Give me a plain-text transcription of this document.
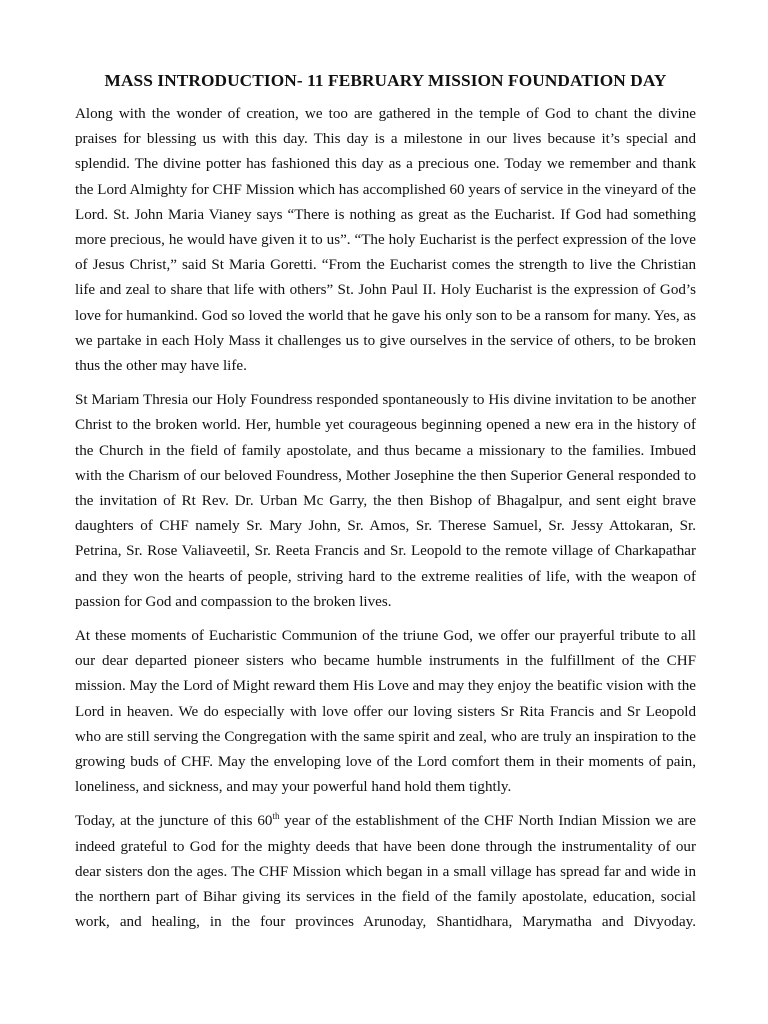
MASS INTRODUCTION- 11 FEBRUARY MISSION FOUNDATION DAY

Along with the wonder of creation, we too are gathered in the temple of God to chant the divine praises for blessing us with this day. This day is a milestone in our lives because it’s special and splendid. The divine potter has fashioned this day as a precious one. Today we remember and thank the Lord Almighty for CHF Mission which has accomplished 60 years of service in the vineyard of the Lord. St. John Maria Vianey says “There is nothing as great as the Eucharist. If God had something more precious, he would have given it to us”. “The holy Eucharist is the perfect expression of the love of Jesus Christ,” said St Maria Goretti. “From the Eucharist comes the strength to live the Christian life and zeal to share that life with others” St. John Paul II. Holy Eucharist is the expression of God’s love for humankind. God so loved the world that he gave his only son to be a ransom for many. Yes, as we partake in each Holy Mass it challenges us to give ourselves in the service of others, to be broken thus the other may have life.

St Mariam Thresia our Holy Foundress responded spontaneously to His divine invitation to be another Christ to the broken world. Her, humble yet courageous beginning opened a new era in the history of the Church in the field of family apostolate, and thus became a missionary to the families. Imbued with the Charism of our beloved Foundress, Mother Josephine the then Superior General responded to the invitation of Rt Rev. Dr. Urban Mc Garry, the then Bishop of Bhagalpur, and sent eight brave daughters of CHF namely Sr. Mary John, Sr. Amos, Sr. Therese Samuel, Sr. Jessy Attokaran, Sr. Petrina, Sr. Rose Valiaveetil, Sr. Reeta Francis and Sr. Leopold to the remote village of Charkapathar and they won the hearts of people, striving hard to the extreme realities of life, with the weapon of passion for God and compassion to the broken lives.

At these moments of Eucharistic Communion of the triune God, we offer our prayerful tribute to all our dear departed pioneer sisters who became humble instruments in the fulfillment of the CHF mission. May the Lord of Might reward them His Love and may they enjoy the beatific vision with the Lord in heaven. We do especially with love offer our loving sisters Sr Rita Francis and Sr Leopold who are still serving the Congregation with the same spirit and zeal, who are truly an inspiration to the growing buds of CHF. May the enveloping love of the Lord comfort them in their moments of pain, loneliness, and sickness, and may your powerful hand hold them tightly.

Today, at the juncture of this 60th year of the establishment of the CHF North Indian Mission we are indeed grateful to God for the mighty deeds that have been done through the instrumentality of our dear sisters don the ages. The CHF Mission which began in a small village has spread far and wide in the northern part of Bihar giving its services in the field of the family apostolate, education, social work, and healing, in the four provinces Arunoday, Shantidhara, Marymatha and Divyoday.
